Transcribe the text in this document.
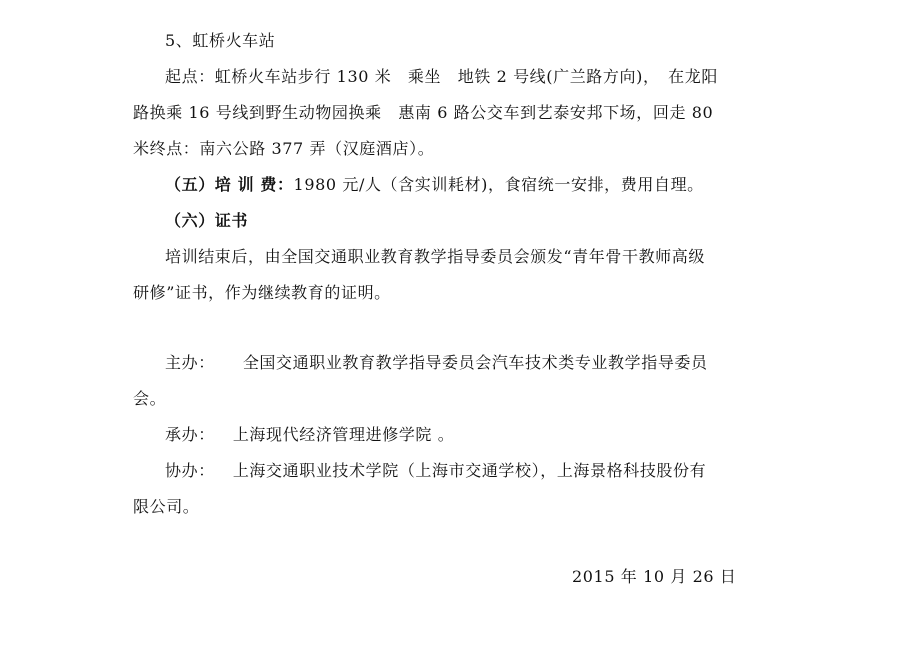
5、虹桥火车站
起点：虹桥火车站步行 130 米　乘坐　地铁 2 号线(广兰路方向)，　在龙阳
路换乘 16 号线到野生动物园换乘　惠南 6 路公交车到艺泰安邦下场，回走 80
米终点：南六公路 377 弄（汉庭酒店）。
（五）培 训 费：1980 元/人（含实训耗材)，食宿统一安排，费用自理。
（六）证书
培训结束后，由全国交通职业教育教学指导委员会颁发“青年骨干教师高级
研修”证书，作为继续教育的证明。
主办： 全国交通职业教育教学指导委员会汽车技术类专业教学指导委员
会。
承办： 上海现代经济管理进修学院 。
协办： 上海交通职业技术学院（上海市交通学校），上海景格科技股份有
限公司。
2015 年 10 月 26 日
